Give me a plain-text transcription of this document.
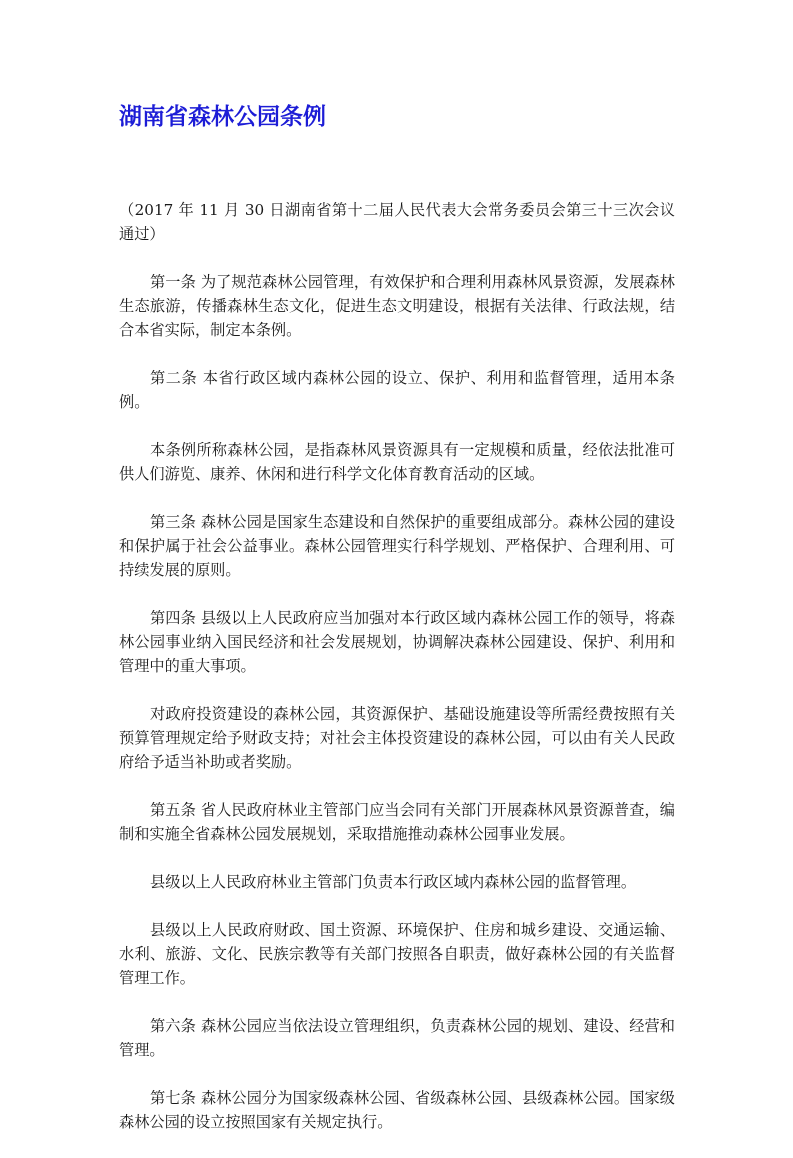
湖南省森林公园条例

（2017 年 11 月 30 日湖南省第十二届人民代表大会常务委员会第三十三次会议通过）

第一条 为了规范森林公园管理，有效保护和合理利用森林风景资源，发展森林生态旅游，传播森林生态文化，促进生态文明建设，根据有关法律、行政法规，结合本省实际，制定本条例。

第二条 本省行政区域内森林公园的设立、保护、利用和监督管理，适用本条例。

本条例所称森林公园，是指森林风景资源具有一定规模和质量，经依法批准可供人们游览、康养、休闲和进行科学文化体育教育活动的区域。

第三条 森林公园是国家生态建设和自然保护的重要组成部分。森林公园的建设和保护属于社会公益事业。森林公园管理实行科学规划、严格保护、合理利用、可持续发展的原则。

第四条 县级以上人民政府应当加强对本行政区域内森林公园工作的领导，将森林公园事业纳入国民经济和社会发展规划，协调解决森林公园建设、保护、利用和管理中的重大事项。

对政府投资建设的森林公园，其资源保护、基础设施建设等所需经费按照有关预算管理规定给予财政支持；对社会主体投资建设的森林公园，可以由有关人民政府给予适当补助或者奖励。

第五条 省人民政府林业主管部门应当会同有关部门开展森林风景资源普查，编制和实施全省森林公园发展规划，采取措施推动森林公园事业发展。

县级以上人民政府林业主管部门负责本行政区域内森林公园的监督管理。

县级以上人民政府财政、国土资源、环境保护、住房和城乡建设、交通运输、水利、旅游、文化、民族宗教等有关部门按照各自职责，做好森林公园的有关监督管理工作。

第六条 森林公园应当依法设立管理组织，负责森林公园的规划、建设、经营和管理。

第七条 森林公园分为国家级森林公园、省级森林公园、县级森林公园。国家级森林公园的设立按照国家有关规定执行。
